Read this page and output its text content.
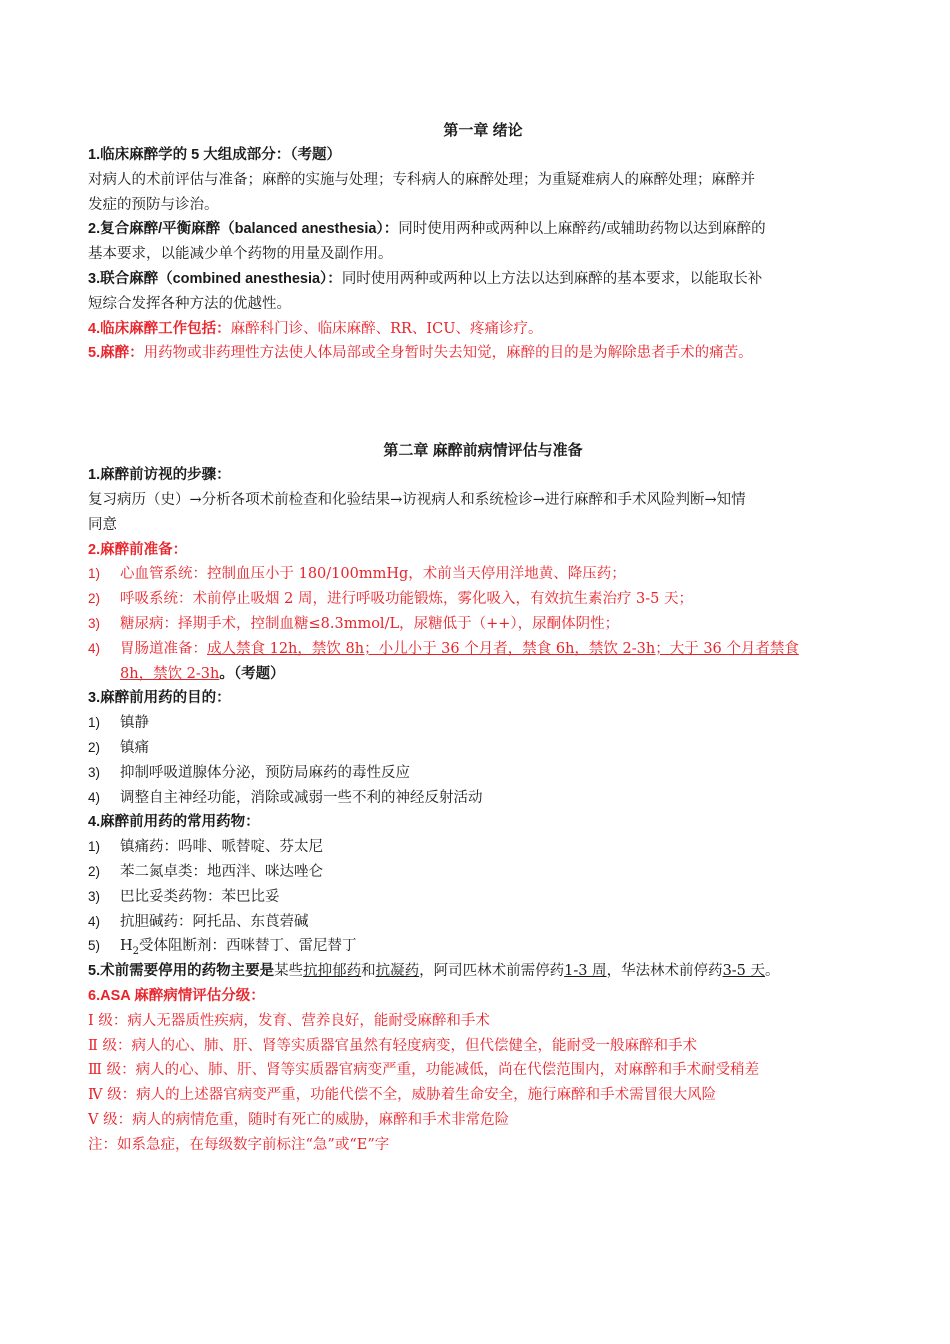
第一章 绪论
1.临床麻醉学的 5 大组成部分：（考题）
对病人的术前评估与准备；麻醉的实施与处理；专科病人的麻醉处理；为重疑难病人的麻醉处理；麻醉并
发症的预防与诊治。
2.复合麻醉/平衡麻醉（balanced anesthesia）：同时使用两种或两种以上麻醉药/或辅助药物以达到麻醉的
基本要求，以能减少单个药物的用量及副作用。
3.联合麻醉（combined anesthesia）：同时使用两种或两种以上方法以达到麻醉的基本要求，以能取长补
短综合发挥各种方法的优越性。
4.临床麻醉工作包括：麻醉科门诊、临床麻醉、RR、ICU、疼痛诊疗。
5.麻醉：用药物或非药理性方法使人体局部或全身暂时失去知觉，麻醉的目的是为解除患者手术的痛苦。
第二章 麻醉前病情评估与准备
1.麻醉前访视的步骤：
复习病历（史）→分析各项术前检查和化验结果→访视病人和系统检诊→进行麻醉和手术风险判断→知情
同意
2.麻醉前准备：
1) 心血管系统：控制血压小于 180/100mmHg，术前当天停用洋地黄、降压药；
2) 呼吸系统：术前停止吸烟 2 周，进行呼吸功能锻炼，雾化吸入，有效抗生素治疗 3-5 天；
3) 糖尿病：择期手术，控制血糖≤8.3mmol/L，尿糖低于（++），尿酮体阴性；
4) 胃肠道准备：成人禁食 12h，禁饮 8h；小儿小于 36 个月者，禁食 6h，禁饮 2-3h；大于 36 个月者禁食
8h，禁饮 2-3h。（考题）
3.麻醉前用药的目的：
1) 镇静
2) 镇痛
3) 抑制呼吸道腺体分泌，预防局麻药的毒性反应
4) 调整自主神经功能，消除或减弱一些不利的神经反射活动
4.麻醉前用药的常用药物：
1) 镇痛药：吗啡、哌替啶、芬太尼
2) 苯二氮卓类：地西泮、咪达唑仑
3) 巴比妥类药物：苯巴比妥
4) 抗胆碱药：阿托品、东莨菪碱
5) $H_2$受体阻断剂：西咪替丁、雷尼替丁
5.术前需要停用的药物主要是某些抗抑郁药和抗凝药，阿司匹林术前需停药1-3 周，华法林术前停药3-5 天。
6.ASA 麻醉病情评估分级：
Ⅰ 级：病人无器质性疾病，发育、营养良好，能耐受麻醉和手术
Ⅱ 级：病人的心、肺、肝、肾等实质器官虽然有轻度病变，但代偿健全，能耐受一般麻醉和手术
Ⅲ 级：病人的心、肺、肝、肾等实质器官病变严重，功能减低，尚在代偿范围内，对麻醉和手术耐受稍差
Ⅳ 级：病人的上述器官病变严重，功能代偿不全，威胁着生命安全，施行麻醉和手术需冒很大风险
Ⅴ 级：病人的病情危重，随时有死亡的威胁，麻醉和手术非常危险
注：如系急症，在每级数字前标注“急”或“E”字
